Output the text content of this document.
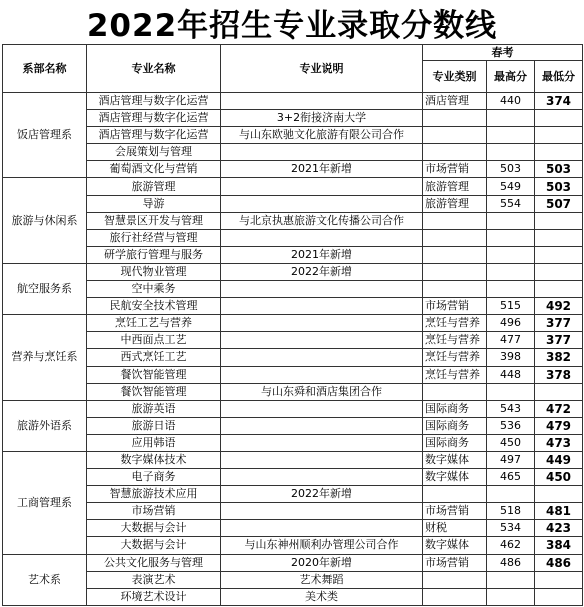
2022年招生专业录取分数线
系部名称	专业名称	专业说明	春考		
			专业类别	最高分	最低分
饭店管理系	酒店管理与数字化运营		酒店管理	440	374
	酒店管理与数字化运营	3+2衔接济南大学			
	酒店管理与数字化运营	与山东欧驰文化旅游有限公司合作			
	会展策划与管理				
	葡萄酒文化与营销	2021年新增	市场营销	503	503
旅游与休闲系	旅游管理		旅游管理	549	503
	导游		旅游管理	554	507
	智慧景区开发与管理	与北京执惠旅游文化传播公司合作			
	旅行社经营与管理				
	研学旅行管理与服务	2021年新增			
航空服务系	现代物业管理	2022年新增			
	空中乘务				
	民航安全技术管理		市场营销	515	492
营养与烹饪系	烹饪工艺与营养		烹饪与营养	496	377
	中西面点工艺		烹饪与营养	477	377
	西式烹饪工艺		烹饪与营养	398	382
	餐饮智能管理		烹饪与营养	448	378
	餐饮智能管理	与山东舜和酒店集团合作			
旅游外语系	旅游英语		国际商务	543	472
	旅游日语		国际商务	536	479
	应用韩语		国际商务	450	473
工商管理系	数字媒体技术		数字媒体	497	449
	电子商务		数字媒体	465	450
	智慧旅游技术应用	2022年新增			
	市场营销		市场营销	518	481
	大数据与会计		财税	534	423
	大数据与会计	与山东神州顺利办管理公司合作	数字媒体	462	384
艺术系	公共文化服务与管理	2020年新增	市场营销	486	486
	表演艺术	艺术舞蹈			
	环境艺术设计	美术类			
